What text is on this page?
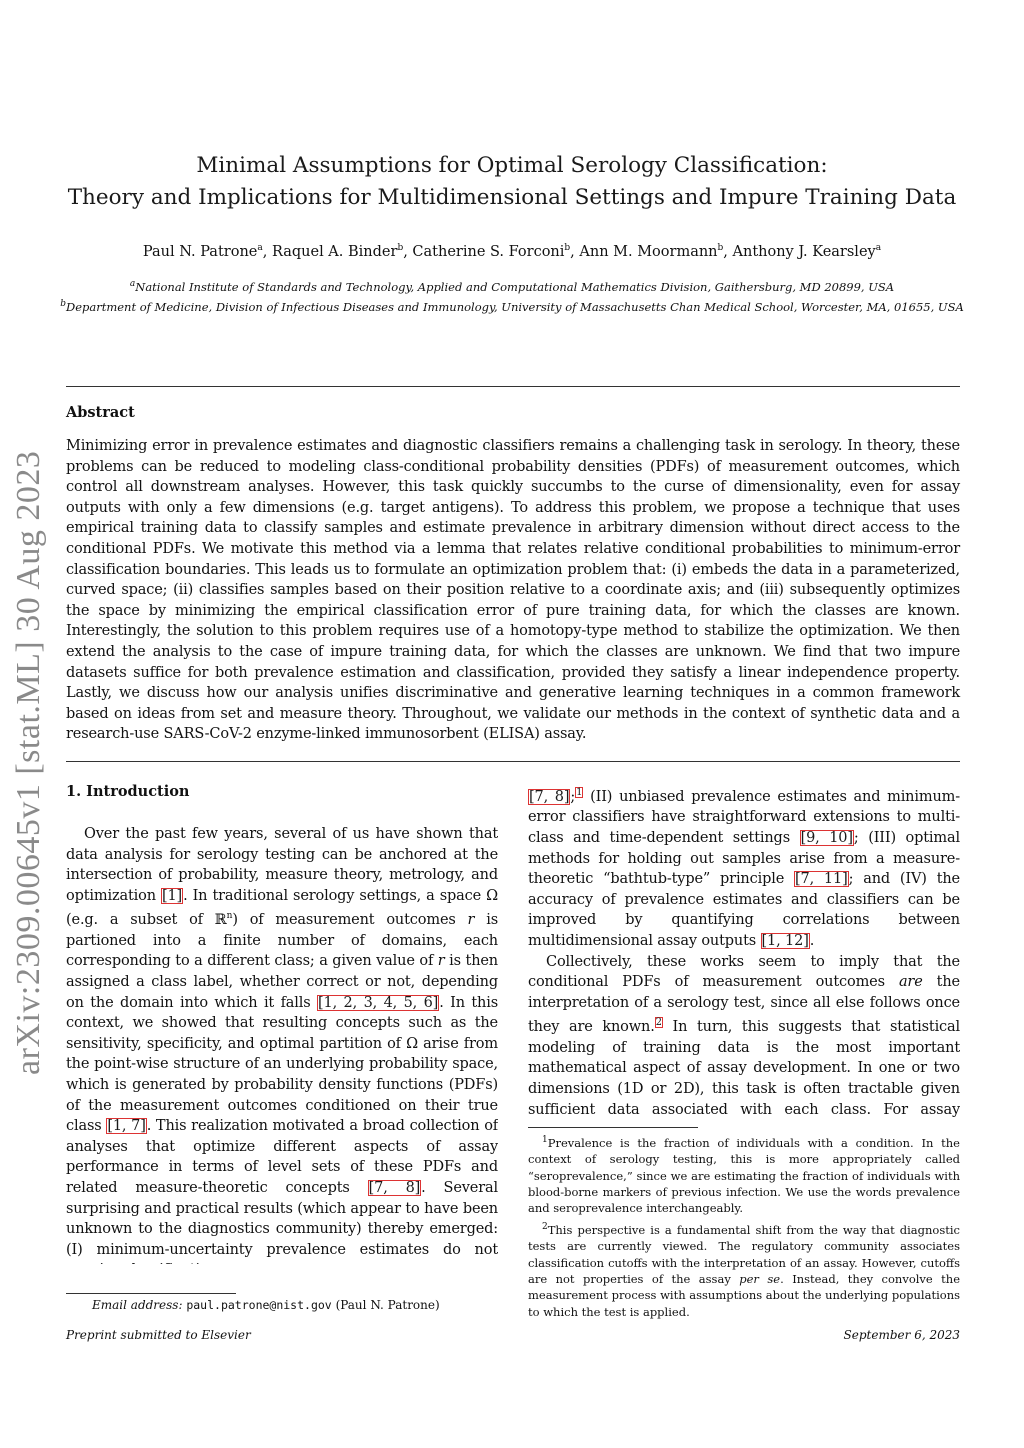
arXiv:2309.00645v1 [stat.ML] 30 Aug 2023
Minimal Assumptions for Optimal Serology Classification:
Theory and Implications for Multidimensional Settings and Impure Training Data
Paul N. Patrone$^a$, Raquel A. Binder$^b$, Catherine S. Forconi$^b$, Ann M. Moormann$^b$, Anthony J. Kearsley$^a$
$^a$National Institute of Standards and Technology, Applied and Computational Mathematics Division, Gaithersburg, MD 20899, USA
$^b$Department of Medicine, Division of Infectious Diseases and Immunology, University of Massachusetts Chan Medical School, Worcester, MA, 01655, USA
Abstract
Minimizing error in prevalence estimates and diagnostic classifiers remains a challenging task in serology. In theory, these problems can be reduced to modeling class-conditional probability densities (PDFs) of measurement outcomes, which control all downstream analyses. However, this task quickly succumbs to the curse of dimensionality, even for assay outputs with only a few dimensions (e.g. target antigens). To address this problem, we propose a technique that uses empirical training data to classify samples and estimate prevalence in arbitrary dimension without direct access to the conditional PDFs. We motivate this method via a lemma that relates relative conditional probabilities to minimum-error classification boundaries. This leads us to formulate an optimization problem that: (i) embeds the data in a parameterized, curved space; (ii) classifies samples based on their position relative to a coordinate axis; and (iii) subsequently optimizes the space by minimizing the empirical classification error of pure training data, for which the classes are known. Interestingly, the solution to this problem requires use of a homotopy-type method to stabilize the optimization. We then extend the analysis to the case of impure training data, for which the classes are unknown. We find that two impure datasets suffice for both prevalence estimation and classification, provided they satisfy a linear independence property. Lastly, we discuss how our analysis unifies discriminative and generative learning techniques in a common framework based on ideas from set and measure theory. Throughout, we validate our methods in the context of synthetic data and a research-use SARS-CoV-2 enzyme-linked immunosorbent (ELISA) assay.
1. Introduction

Over the past few years, several of us have shown that data analysis for serology testing can be anchored at the intersection of probability, measure theory, metrology, and optimization [1]. In traditional serology settings, a space Ω (e.g. a subset of ℝ$^n$) of measurement outcomes r is partioned into a finite number of domains, each corresponding to a different class; a given value of r is then assigned a class label, whether correct or not, depending on the domain into which it falls [1, 2, 3, 4, 5, 6]. In this context, we showed that resulting concepts such as the sensitivity, specificity, and optimal partition of Ω arise from the point-wise structure of an underlying probability space, which is generated by probability density functions (PDFs) of the measurement outcomes conditioned on their true class [1, 7]. This realization motivated a broad collection of analyses that optimize different aspects of assay performance in terms of level sets of these PDFs and related measure-theoretic concepts [7, 8]. Several surprising and practical results (which appear to have been unknown to the diagnostics community) thereby emerged: (I) minimum-uncertainty prevalence estimates do not

[7, 8];$^1$ (II) unbiased prevalence estimates and minimum-error classifiers have straightforward extensions to multi-class and time-dependent settings [9, 10]; (III) optimal methods for holding out samples arise from a measure-theoretic “bathtub-type” principle [7, 11]; and (IV) the accuracy of prevalence estimates and classifiers can be improved by quantifying correlations between multidimensional assay outputs [1, 12].

Collectively, these works seem to imply that the conditional PDFs of measurement outcomes are the interpretation of a serology test, since all else follows once they are known.$^2$ In turn, this suggests that statistical modeling of training data is the most important mathematical aspect of assay development. In one or two dimensions (1D or 2D), this task is often tractable given sufficient data associated with each class. For assay

$^1$Prevalence is the fraction of individuals with a condition. In the context of serology testing, this is more appropriately called “seroprevalence,” since we are estimating the fraction of individuals with blood-borne markers of previous infection. We use the words prevalence and seroprevalence interchangeably.

$^2$This perspective is a fundamental shift from the way that diagnostic tests are currently viewed. The regulatory community associates classification cutoffs with the interpretation of an assay. However, cutoffs are not properties of the assay per se. Instead, they convolve the measurement process with assumptions about the underlying populations to which the test is applied.

Email address: paul.patrone@nist.gov (Paul N. Patrone)
Preprint submitted to Elsevier	September 6, 2023
